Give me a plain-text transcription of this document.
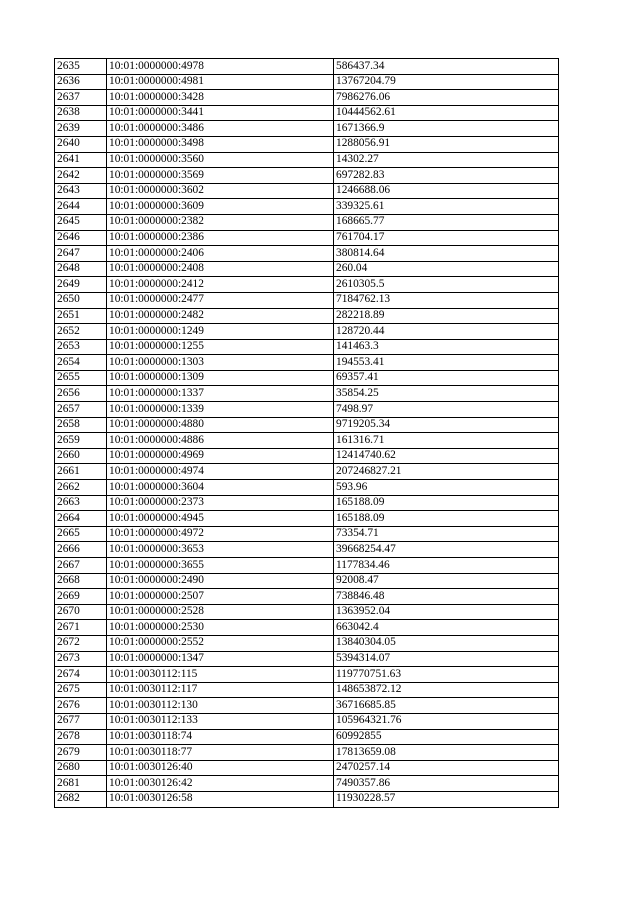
2635	10:01:0000000:4978	586437.34
2636	10:01:0000000:4981	13767204.79
2637	10:01:0000000:3428	7986276.06
2638	10:01:0000000:3441	10444562.61
2639	10:01:0000000:3486	1671366.9
2640	10:01:0000000:3498	1288056.91
2641	10:01:0000000:3560	14302.27
2642	10:01:0000000:3569	697282.83
2643	10:01:0000000:3602	1246688.06
2644	10:01:0000000:3609	339325.61
2645	10:01:0000000:2382	168665.77
2646	10:01:0000000:2386	761704.17
2647	10:01:0000000:2406	380814.64
2648	10:01:0000000:2408	260.04
2649	10:01:0000000:2412	2610305.5
2650	10:01:0000000:2477	7184762.13
2651	10:01:0000000:2482	282218.89
2652	10:01:0000000:1249	128720.44
2653	10:01:0000000:1255	141463.3
2654	10:01:0000000:1303	194553.41
2655	10:01:0000000:1309	69357.41
2656	10:01:0000000:1337	35854.25
2657	10:01:0000000:1339	7498.97
2658	10:01:0000000:4880	9719205.34
2659	10:01:0000000:4886	161316.71
2660	10:01:0000000:4969	12414740.62
2661	10:01:0000000:4974	207246827.21
2662	10:01:0000000:3604	593.96
2663	10:01:0000000:2373	165188.09
2664	10:01:0000000:4945	165188.09
2665	10:01:0000000:4972	73354.71
2666	10:01:0000000:3653	39668254.47
2667	10:01:0000000:3655	1177834.46
2668	10:01:0000000:2490	92008.47
2669	10:01:0000000:2507	738846.48
2670	10:01:0000000:2528	1363952.04
2671	10:01:0000000:2530	663042.4
2672	10:01:0000000:2552	13840304.05
2673	10:01:0000000:1347	5394314.07
2674	10:01:0030112:115	119770751.63
2675	10:01:0030112:117	148653872.12
2676	10:01:0030112:130	36716685.85
2677	10:01:0030112:133	105964321.76
2678	10:01:0030118:74	60992855
2679	10:01:0030118:77	17813659.08
2680	10:01:0030126:40	2470257.14
2681	10:01:0030126:42	7490357.86
2682	10:01:0030126:58	11930228.57
